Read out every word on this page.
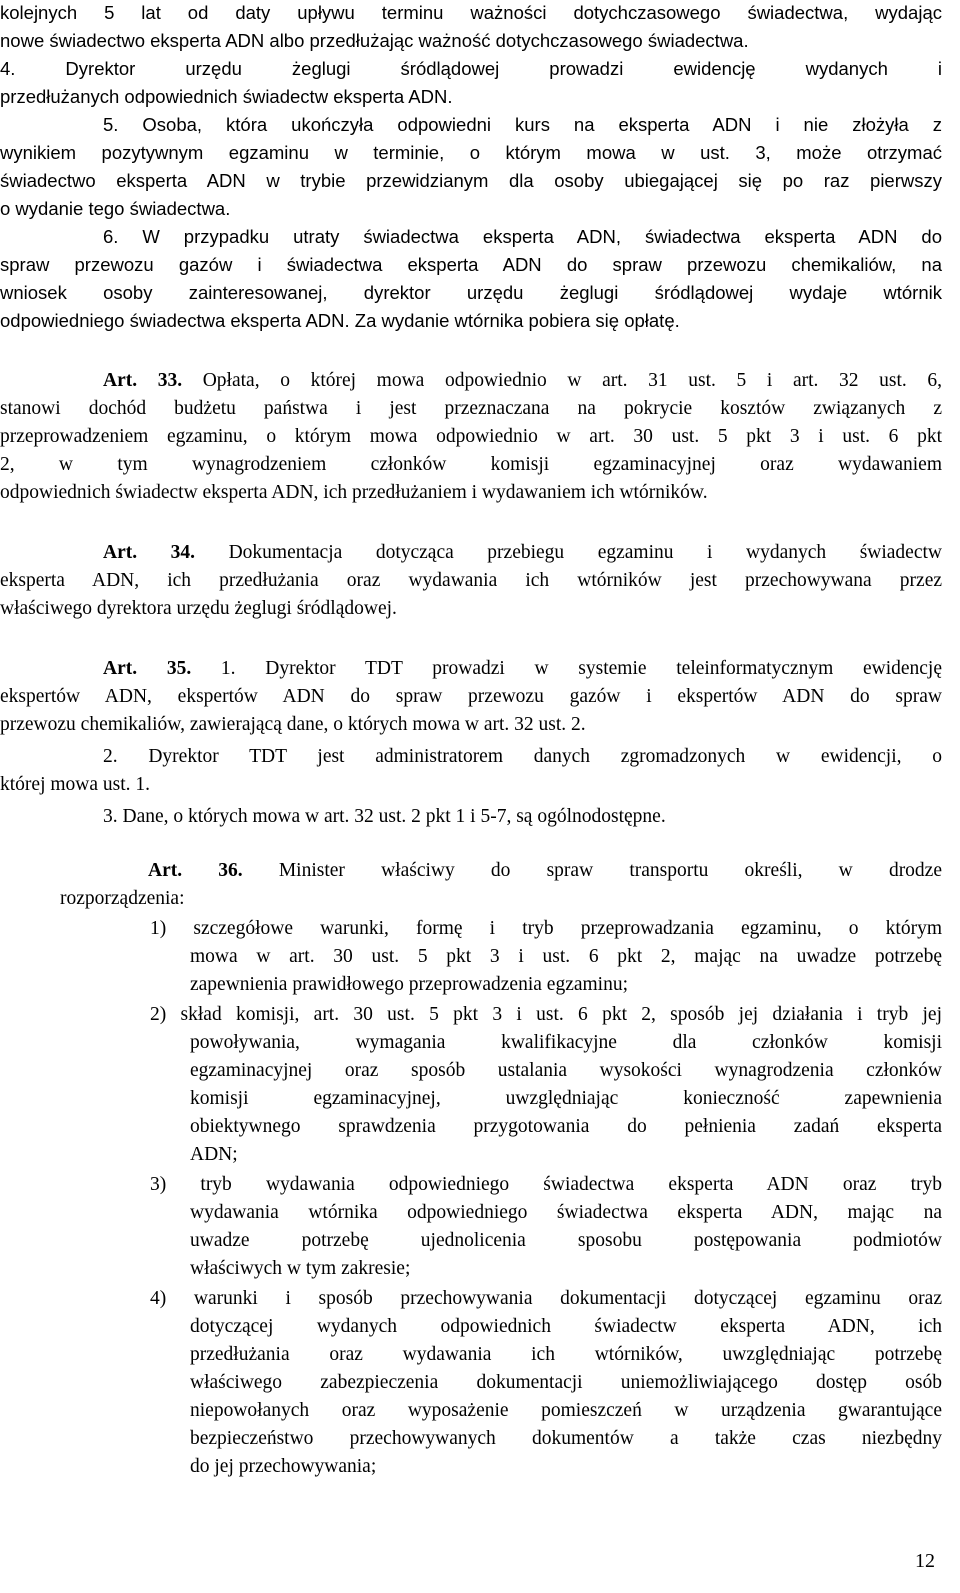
kolejnych 5 lat od daty upływu terminu ważności dotychczasowego świadectwa, wydając
nowe świadectwo eksperta ADN albo przedłużając ważność dotychczasowego świadectwa.
4. Dyrektor urzędu żeglugi śródlądowej prowadzi ewidencję wydanych i
przedłużanych odpowiednich świadectw eksperta ADN.
5. Osoba, która ukończyła odpowiedni kurs na eksperta ADN i nie złożyła z
wynikiem pozytywnym egzaminu w terminie, o którym mowa w ust. 3, może otrzymać
świadectwo eksperta ADN w trybie przewidzianym dla osoby ubiegającej się po raz pierwszy
o wydanie tego świadectwa.
6. W przypadku utraty świadectwa eksperta ADN, świadectwa eksperta ADN do
spraw przewozu gazów i świadectwa eksperta ADN do spraw przewozu chemikaliów, na
wniosek osoby zainteresowanej, dyrektor urzędu żeglugi śródlądowej wydaje wtórnik
odpowiedniego świadectwa eksperta ADN. Za wydanie wtórnika pobiera się opłatę.
Art. 33. Opłata, o której mowa odpowiednio w art. 31 ust. 5 i art. 32 ust. 6,
stanowi dochód budżetu państwa i jest przeznaczana na pokrycie kosztów związanych z
przeprowadzeniem egzaminu, o którym mowa odpowiednio w art. 30 ust. 5 pkt 3 i ust. 6 pkt
2, w tym wynagrodzeniem członków komisji egzaminacyjnej oraz wydawaniem
odpowiednich świadectw eksperta ADN, ich przedłużaniem i wydawaniem ich wtórników.
Art. 34. Dokumentacja dotycząca przebiegu egzaminu i wydanych świadectw
eksperta ADN, ich przedłużania oraz wydawania ich wtórników jest przechowywana przez
właściwego dyrektora urzędu żeglugi śródlądowej.
Art. 35. 1. Dyrektor TDT prowadzi w systemie teleinformatycznym ewidencję
ekspertów ADN, ekspertów ADN do spraw przewozu gazów i ekspertów ADN do spraw
przewozu chemikaliów, zawierającą dane, o których mowa w art. 32 ust. 2.
2. Dyrektor TDT jest administratorem danych zgromadzonych w ewidencji, o
której mowa ust. 1.
3. Dane, o których mowa w art. 32 ust. 2 pkt 1 i 5-7, są ogólnodostępne.
Art. 36. Minister właściwy do spraw transportu określi, w drodze
rozporządzenia:
1) szczegółowe warunki, formę i tryb przeprowadzania egzaminu, o którym
mowa w art. 30 ust. 5 pkt 3 i ust. 6 pkt 2, mając na uwadze potrzebę
zapewnienia prawidłowego przeprowadzenia egzaminu;
2) skład komisji, art. 30 ust. 5 pkt 3 i ust. 6 pkt 2, sposób jej działania i tryb jej
powoływania, wymagania kwalifikacyjne dla członków komisji
egzaminacyjnej oraz sposób ustalania wysokości wynagrodzenia członków
komisji egzaminacyjnej, uwzględniając konieczność zapewnienia
obiektywnego sprawdzenia przygotowania do pełnienia zadań eksperta
ADN;
3) tryb wydawania odpowiedniego świadectwa eksperta ADN oraz tryb
wydawania wtórnika odpowiedniego świadectwa eksperta ADN, mając na
uwadze potrzebę ujednolicenia sposobu postępowania podmiotów
właściwych w tym zakresie;
4) warunki i sposób przechowywania dokumentacji dotyczącej egzaminu oraz
dotyczącej wydanych odpowiednich świadectw eksperta ADN, ich
przedłużania oraz wydawania ich wtórników, uwzględniając potrzebę
właściwego zabezpieczenia dokumentacji uniemożliwiającego dostęp osób
niepowołanych oraz wyposażenie pomieszczeń w urządzenia gwarantujące
bezpieczeństwo przechowywanych dokumentów a także czas niezbędny
do jej przechowywania;
12
